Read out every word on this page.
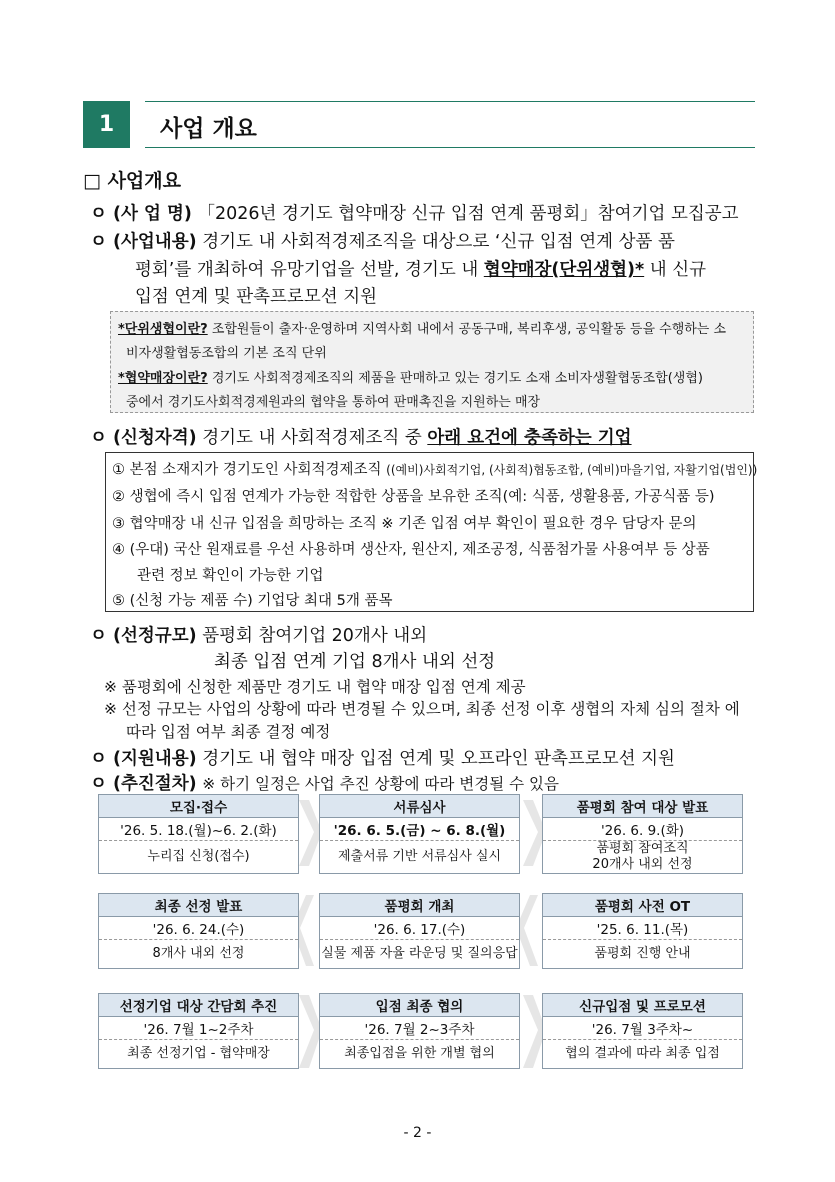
1	사업 개요
□ 사업개요
ㅇ (사 업 명) 「2026년 경기도 협약매장 신규 입점 연계 품평회」참여기업 모집공고
ㅇ (사업내용) 경기도 내 사회적경제조직을 대상으로 ‘신규 입점 연계 상품 품
평회’를 개최하여 유망기업을 선발, 경기도 내 협약매장(단위생협)* 내 신규
입점 연계 및 판촉프로모션 지원
*단위생협이란? 조합원들이 출자·운영하며 지역사회 내에서 공동구매, 복리후생, 공익활동 등을 수행하는 소
비자생활협동조합의 기본 조직 단위
*협약매장이란? 경기도 사회적경제조직의 제품을 판매하고 있는 경기도 소재 소비자생활협동조합(생협)
중에서 경기도사회적경제원과의 협약을 통하여 판매촉진을 지원하는 매장
ㅇ (신청자격) 경기도 내 사회적경제조직 중 아래 요건에 충족하는 기업
① 본점 소재지가 경기도인 사회적경제조직 ((예비)사회적기업, (사회적)협동조합, (예비)마을기업, 자활기업(법인))
② 생협에 즉시 입점 연계가 가능한 적합한 상품을 보유한 조직(예: 식품, 생활용품, 가공식품 등)
③ 협약매장 내 신규 입점을 희망하는 조직 ※ 기존 입점 여부 확인이 필요한 경우 담당자 문의
④ (우대) 국산 원재료를 우선 사용하며 생산자, 원산지, 제조공정, 식품첨가물 사용여부 등 상품
관련 정보 확인이 가능한 기업
⑤ (신청 가능 제품 수) 기업당 최대 5개 품목
ㅇ (선정규모) 품평회 참여기업 20개사 내외
최종 입점 연계 기업 8개사 내외 선정
※ 품평회에 신청한 제품만 경기도 내 협약 매장 입점 연계 제공
※ 선정 규모는 사업의 상황에 따라 변경될 수 있으며, 최종 선정 이후 생협의 자체 심의 절차 에
따라 입점 여부 최종 결정 예정
ㅇ (지원내용) 경기도 내 협약 매장 입점 연계 및 오프라인 판촉프로모션 지원
ㅇ (추진절차) ※ 하기 일정은 사업 추진 상황에 따라 변경될 수 있음
모집·접수
'26. 5. 18.(월)~6. 2.(화)
누리집 신청(접수)
서류심사
'26. 6. 5.(금) ~ 6. 8.(월)
제출서류 기반 서류심사 실시
품평회 참여 대상 발표
'26. 6. 9.(화)
품평회 참여조직
20개사 내외 선정
최종 선정 발표
'26. 6. 24.(수)
8개사 내외 선정
품평회 개최
'26. 6. 17.(수)
실물 제품 자율 라운딩 및 질의응답
품평회 사전 OT
'25. 6. 11.(목)
품평회 진행 안내
선정기업 대상 간담회 추진
'26. 7월 1~2주차
최종 선정기업 - 협약매장
입점 최종 협의
'26. 7월 2~3주차
최종입점을 위한 개별 협의
신규입점 및 프로모션
'26. 7월 3주차~
협의 결과에 따라 최종 입점
- 2 -
